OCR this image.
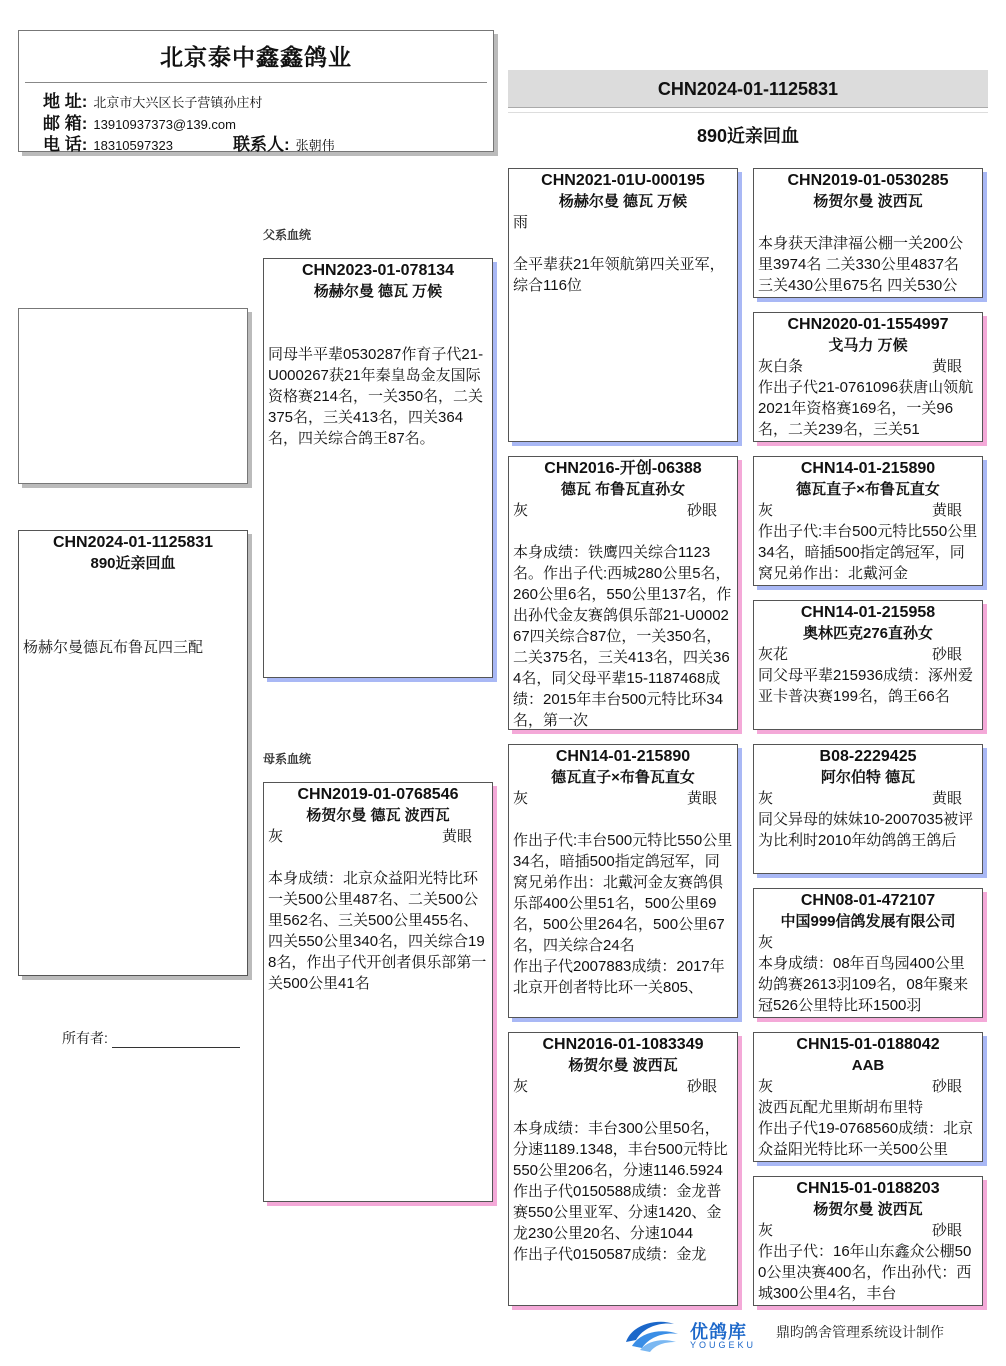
北京泰中鑫鑫鸽业
地 址: 北京市大兴区长子营镇孙庄村
邮 箱: 13910937373@139.com
电 话: 18310597323	联系人: 张朝伟
CHN2024-01-1125831
890近亲回血
CHN2024-01-1125831
890近亲回血
杨赫尔曼德瓦布鲁瓦四三配
所有者:
父系血统
CHN2023-01-078134
杨赫尔曼 德瓦 万候
同母半平辈0530287作育子代21-U000267获21年秦皇岛金友国际资格赛214名，一关350名，二关375名，三关413名，四关364名，四关综合鸽王87名。
母系血统
CHN2019-01-0768546
杨贺尔曼 德瓦 波西瓦
灰	黄眼
本身成绩：北京众益阳光特比环一关500公里487名、二关500公里562名、三关500公里455名、四关550公里340名，四关综合198名，作出子代开创者俱乐部第一关500公里41名
CHN2021-01U-000195
杨赫尔曼 德瓦 万候
雨
全平辈获21年领航第四关亚军，综合116位
CHN2016-开创-06388
德瓦 布鲁瓦直孙女
灰	砂眼
本身成绩：铁鹰四关综合1123名。作出子代:西城280公里5名，260公里6名，550公里137名，作出孙代金友赛鸽俱乐部21-U000267四关综合87位，一关350名，二关375名，三关413名，四关364名，同父母平辈15-1187468成绩：2015年丰台500元特比环34名，第一次
CHN14-01-215890
德瓦直子×布鲁瓦直女
灰	黄眼
作出子代:丰台500元特比550公里34名，暗插500指定鸽冠军，同窝兄弟作出：北戴河金友赛鸽俱乐部400公里51名，500公里69名，500公里264名，500公里67名，四关综合24名
作出子代2007883成绩：2017年北京开创者特比环一关805、
CHN2016-01-1083349
杨贺尔曼 波西瓦
灰	砂眼
本身成绩：丰台300公里50名，分速1189.1348，丰台500元特比550公里206名，分速1146.5924
作出子代0150588成绩：金龙普赛550公里亚军、分速1420、金龙230公里20名、分速1044
作出子代0150587成绩：金龙
CHN2019-01-0530285
杨贺尔曼 波西瓦
本身获天津津福公棚一关200公里3974名 二关330公里4837名 三关430公里675名 四关530公
CHN2020-01-1554997
戈马力 万候
灰白条	黄眼
作出子代21-0761096获唐山领航2021年资格赛169名，一关96名，二关239名，三关51
CHN14-01-215890
德瓦直子×布鲁瓦直女
灰	黄眼
作出子代:丰台500元特比550公里34名，暗插500指定鸽冠军，同窝兄弟作出：北戴河金
CHN14-01-215958
奥林匹克276直孙女
灰花	砂眼
同父母平辈215936成绩：涿州爱亚卡普决赛199名，鸽王66名
B08-2229425
阿尔伯特 德瓦
灰	黄眼
同父异母的妹妹10-2007035被评为比利时2010年幼鸽鸽王鸽后
CHN08-01-472107
中国999信鸽发展有限公司
灰
本身成绩：08年百鸟园400公里幼鸽赛2613羽109名，08年聚来冠526公里特比环1500羽
CHN15-01-0188042
AAB
灰	砂眼
波西瓦配尤里斯胡布里特
作出子代19-0768560成绩：北京众益阳光特比环一关500公里
CHN15-01-0188203
杨贺尔曼 波西瓦
灰	砂眼
作出子代：16年山东鑫众公棚500公里决赛400名，作出孙代：西城300公里4名，丰台
优鸽库
YOUGEKU
鼎昀鸽舍管理系统设计制作
